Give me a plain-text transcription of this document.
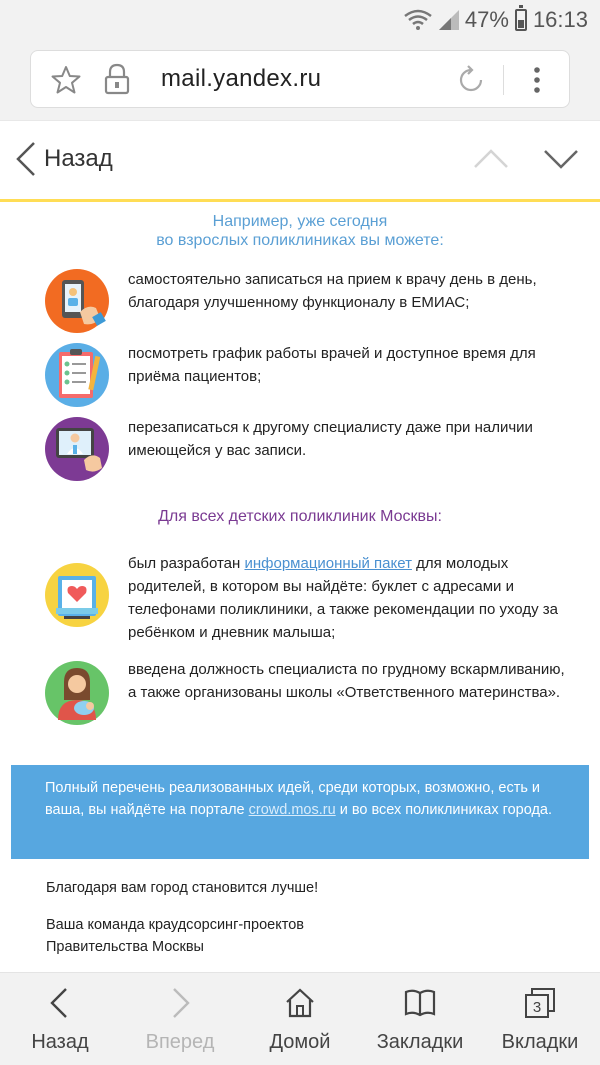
47% 16:13
mail.yandex.ru
Назад
Например, уже сегодня
во взрослых поликлиниках вы можете:
самостоятельно записаться на прием к врачу день в день, благодаря улучшенному функционалу в ЕМИАС;
посмотреть график работы врачей и доступное время для приёма пациентов;
перезаписаться к другому специалисту даже при наличии имеющейся у вас записи.
Для всех детских поликлиник Москвы:
был разработан информационный пакет для молодых родителей, в котором вы найдёте: буклет с адресами и телефонами поликлиники, а также рекомендации по уходу за ребёнком и дневник малыша;
введена должность специалиста по грудному вскармливанию, а также организованы школы «Ответственного материнства».
Полный перечень реализованных идей, среди которых, возможно, есть и ваша, вы найдёте на портале crowd.mos.ru и во всех поликлиниках города.
Благодаря вам город становится лучше!
Ваша команда краудсорсинг-проектов
Правительства Москвы
Назад	Вперед	Домой	Закладки
3
Вкладки
